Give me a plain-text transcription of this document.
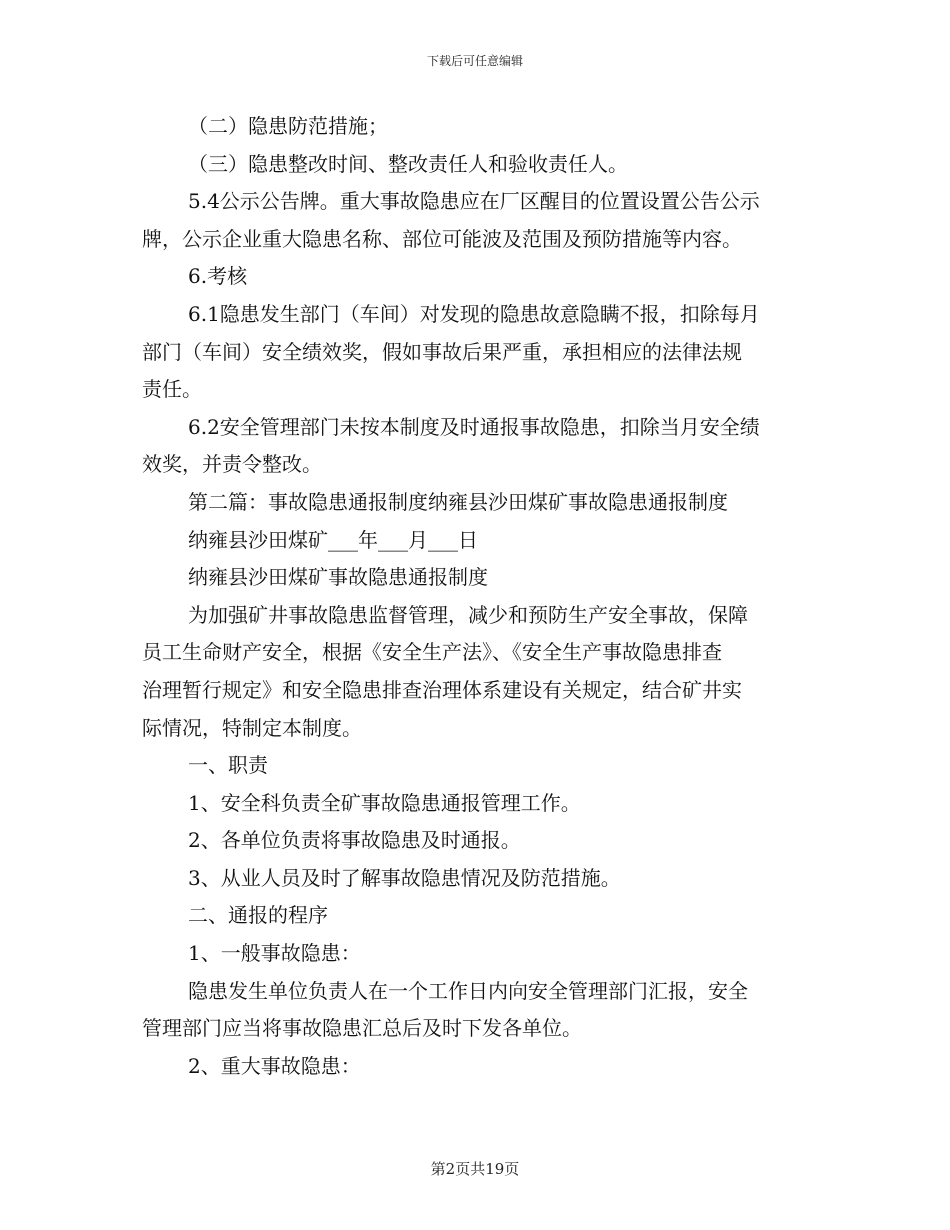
下载后可任意编辑
（二）隐患防范措施；
（三）隐患整改时间、整改责任人和验收责任人。
5.4公示公告牌。重大事故隐患应在厂区醒目的位置设置公告公示
牌，公示企业重大隐患名称、部位可能波及范围及预防措施等内容。
6.考核
6.1隐患发生部门（车间）对发现的隐患故意隐瞒不报，扣除每月
部门（车间）安全绩效奖，假如事故后果严重，承担相应的法律法规
责任。
6.2安全管理部门未按本制度及时通报事故隐患，扣除当月安全绩
效奖，并责令整改。
第二篇：事故隐患通报制度纳雍县沙田煤矿事故隐患通报制度
纳雍县沙田煤矿___年___月___日
纳雍县沙田煤矿事故隐患通报制度
为加强矿井事故隐患监督管理，减少和预防生产安全事故，保障
员工生命财产安全，根据《安全生产法》、《安全生产事故隐患排查
治理暂行规定》和安全隐患排查治理体系建设有关规定，结合矿井实
际情况，特制定本制度。
一、职责
1、安全科负责全矿事故隐患通报管理工作。
2、各单位负责将事故隐患及时通报。
3、从业人员及时了解事故隐患情况及防范措施。
二、通报的程序
1、一般事故隐患：
隐患发生单位负责人在一个工作日内向安全管理部门汇报，安全
管理部门应当将事故隐患汇总后及时下发各单位。
2、重大事故隐患：
第2页共19页
